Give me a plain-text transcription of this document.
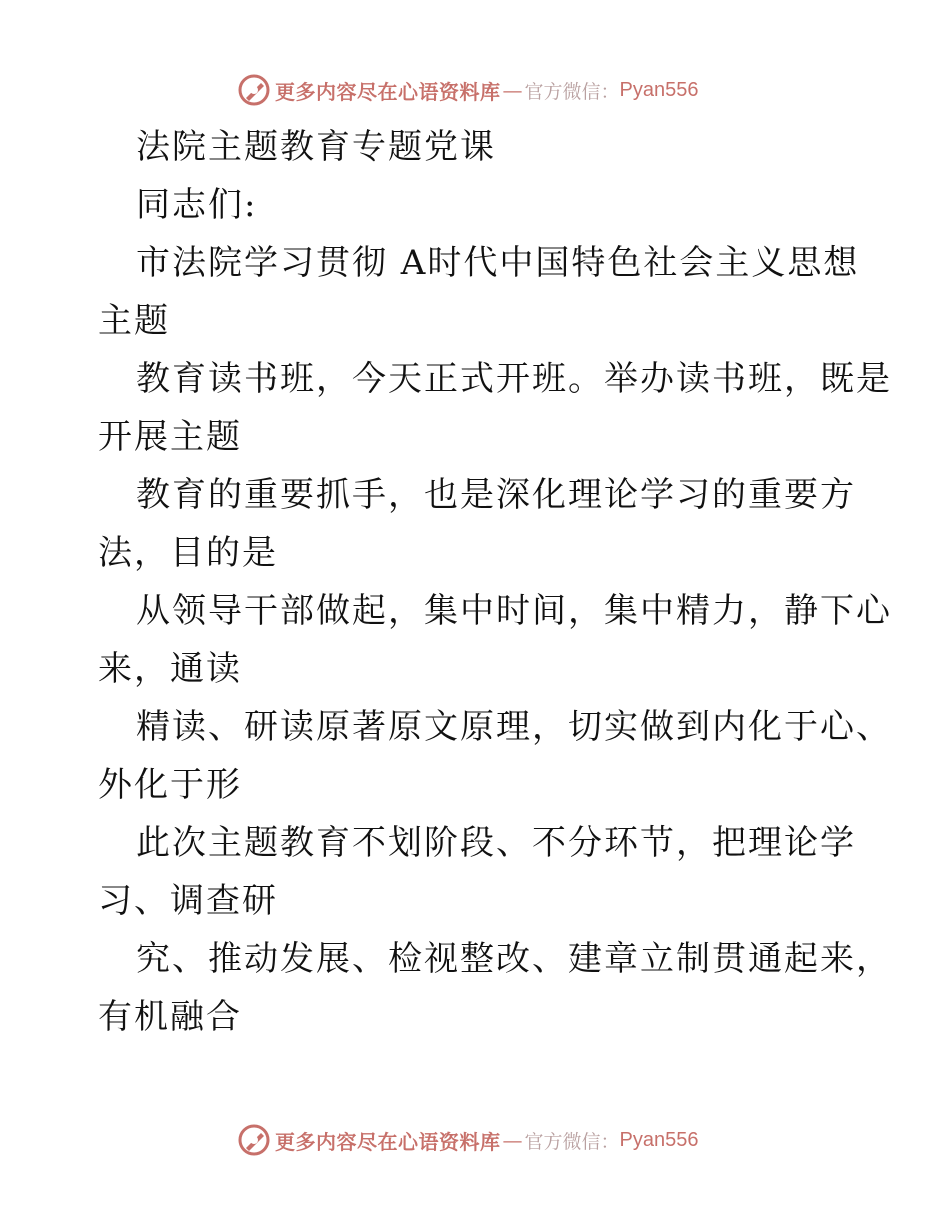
更多内容尽在心语资料库 — 官方微信： Pyan556
法院主题教育专题党课
同志们:
市法院学习贯彻 A时代中国特色社会主义思想
主题
教育读书班，今天正式开班。举办读书班，既是
开展主题
教育的重要抓手，也是深化理论学习的重要方
法，目的是
从领导干部做起，集中时间，集中精力，静下心
来，通读
精读、研读原著原文原理，切实做到内化于心、
外化于形
此次主题教育不划阶段、不分环节，把理论学
习、调查研
究、推动发展、检视整改、建章立制贯通起来，
有机融合
更多内容尽在心语资料库 — 官方微信： Pyan556
